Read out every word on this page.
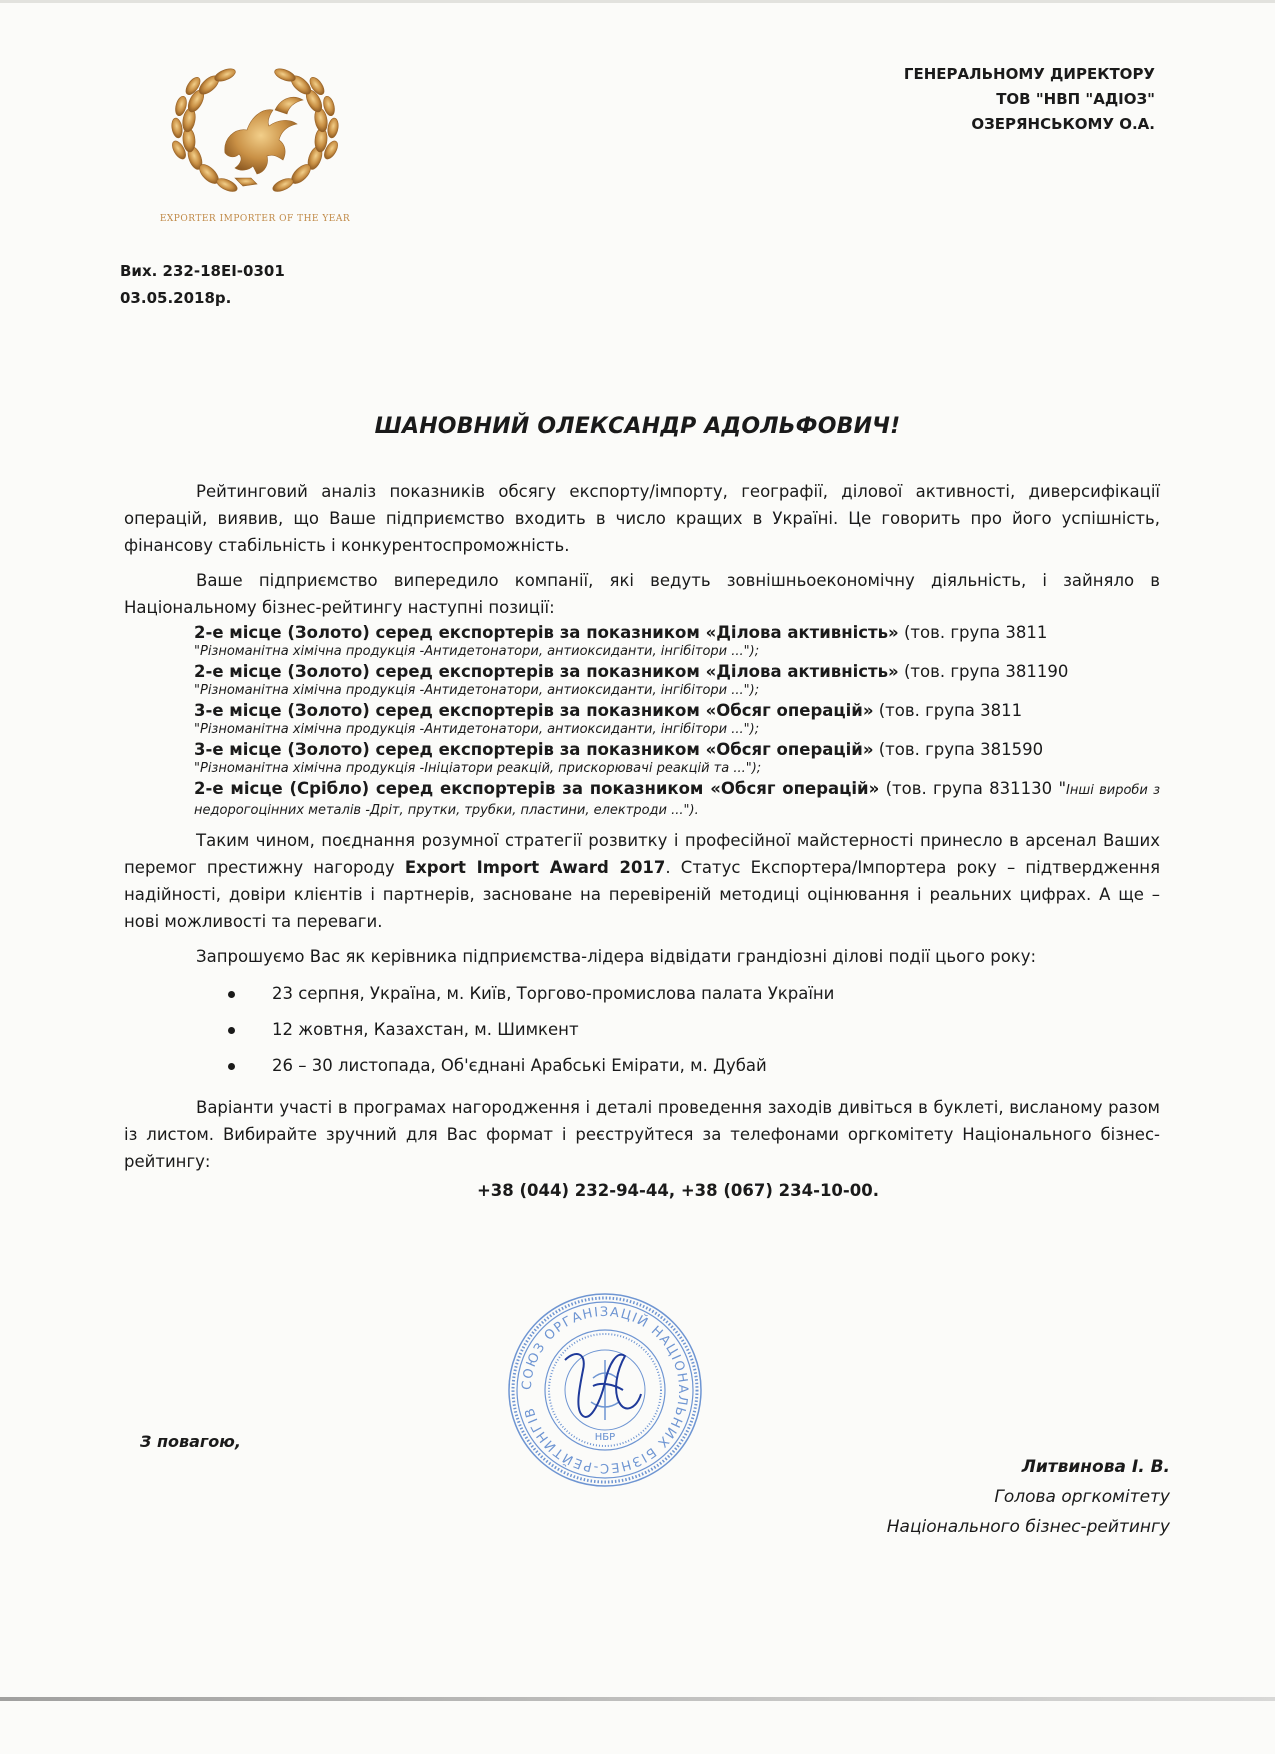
EXPORTER IMPORTER OF THE YEAR
ГЕНЕРАЛЬНОМУ ДИРЕКТОРУ
ТОВ "НВП "АДІОЗ"
ОЗЕРЯНСЬКОМУ О.А.
Вих. 232-18ЕІ-0301
03.05.2018р.
ШАНОВНИЙ ОЛЕКСАНДР АДОЛЬФОВИЧ!

Рейтинговий аналіз показників обсягу експорту/імпорту, географії, ділової активності, диверсифікації операцій, виявив, що Ваше підприємство входить в число кращих в Україні. Це говорить про його успішність, фінансову стабільність і конкурентоспроможність.

Ваше підприємство випередило компанії, які ведуть зовнішньоекономічну діяльність, і зайняло в Національному бізнес-рейтингу наступні позиції:

2-е місце (Золото) серед експортерів за показником «Ділова активність» (тов. група 3811
"Різноманітна хімічна продукція -Антидетонатори, антиоксиданти, інгібітори ...");
2-е місце (Золото) серед експортерів за показником «Ділова активність» (тов. група 381190
"Різноманітна хімічна продукція -Антидетонатори, антиоксиданти, інгібітори ...");
3-е місце (Золото) серед експортерів за показником «Обсяг операцій» (тов. група 3811
"Різноманітна хімічна продукція -Антидетонатори, антиоксиданти, інгібітори ...");
3-е місце (Золото) серед експортерів за показником «Обсяг операцій» (тов. група 381590
"Різноманітна хімічна продукція -Ініціатори реакцій, прискорювачі реакцій та ...");
2-е місце (Срібло) серед експортерів за показником «Обсяг операцій» (тов. група 831130 "Інші вироби з недорогоцінних металів -Дріт, прутки, трубки, пластини, електроди ...").

Таким чином, поєднання розумної стратегії розвитку і професійної майстерності принесло в арсенал Ваших перемог престижну нагороду Export Import Award 2017. Статус Експортера/Імпортера року – підтвердження надійності, довіри клієнтів і партнерів, засноване на перевіреній методиці оцінювання і реальних цифрах. А ще – нові можливості та переваги.

Запрошуємо Вас як керівника підприємства-лідера відвідати грандіозні ділові події цього року:

23 серпня, Україна, м. Київ, Торгово-промислова палата України
12 жовтня, Казахстан, м. Шимкент
26 – 30 листопада, Об'єднані Арабські Емірати, м. Дубай

Варіанти участі в програмах нагородження і деталі проведення заходів дивіться в буклеті, висланому разом із листом. Вибирайте зручний для Вас формат і реєструйтеся за телефонами оргкомітету Національного бізнес-рейтингу:

+38 (044) 232-94-44, +38 (067) 234-10-00.

СОЮЗ ОРГАНІЗАЦІЙ НАЦІОНАЛЬНИХ БІЗНЕС-РЕЙТИНГІВ
НБР
З повагою,
Литвинова І. В.
Голова оргкомітету
Національного бізнес-рейтингу
